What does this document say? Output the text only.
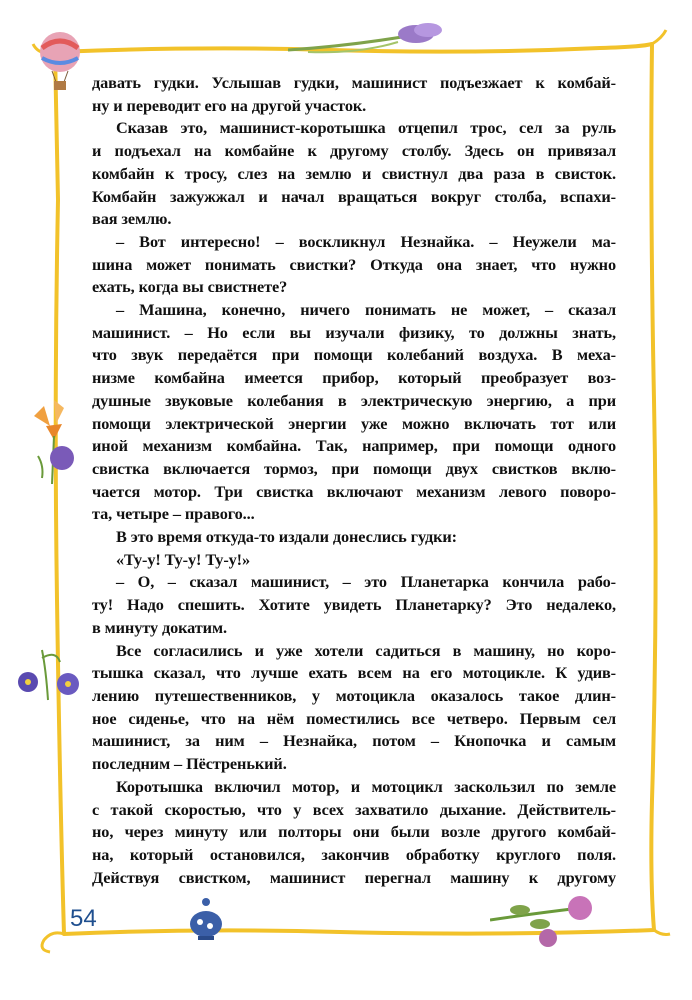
давать гудки. Услышав гудки, машинист подъезжает к комбай-

ну и переводит его на другой участок.

Сказав это, машинист-коротышка отцепил трос, сел за руль

и подъехал на комбайне к другому столбу. Здесь он привязал

комбайн к тросу, слез на землю и свистнул два раза в свисток.

Комбайн зажужжал и начал вращаться вокруг столба, вспахи-

вая землю.

– Вот интересно! – воскликнул Незнайка. – Неужели ма-

шина может понимать свистки? Откуда она знает, что нужно

ехать, когда вы свистнете?

– Машина, конечно, ничего понимать не может, – сказал

машинист. – Но если вы изучали физику, то должны знать,

что звук передаётся при помощи колебаний воздуха. В меха-

низме комбайна имеется прибор, который преобразует воз-

душные звуковые колебания в электрическую энергию, а при

помощи электрической энергии уже можно включать тот или

иной механизм комбайна. Так, например, при помощи одного

свистка включается тормоз, при помощи двух свистков вклю-

чается мотор. Три свистка включают механизм левого поворо-

та, четыре – правого...

В это время откуда-то издали донеслись гудки:

«Ту-у! Ту-у! Ту-у!»

– О, – сказал машинист, – это Планетарка кончила рабо-

ту! Надо спешить. Хотите увидеть Планетарку? Это недалеко,

в минуту докатим.

Все согласились и уже хотели садиться в машину, но коро-

тышка сказал, что лучше ехать всем на его мотоцикле. К удив-

лению путешественников, у мотоцикла оказалось такое длин-

ное сиденье, что на нём поместились все четверо. Первым сел

машинист, за ним – Незнайка, потом – Кнопочка и самым

последним – Пёстренький.

Коротышка включил мотор, и мотоцикл заскользил по земле

с такой скоростью, что у всех захватило дыхание. Действитель-

но, через минуту или полторы они были возле другого комбай-

на, который остановился, закончив обработку круглого поля.

Действуя свистком, машинист перегнал машину к другому

54
